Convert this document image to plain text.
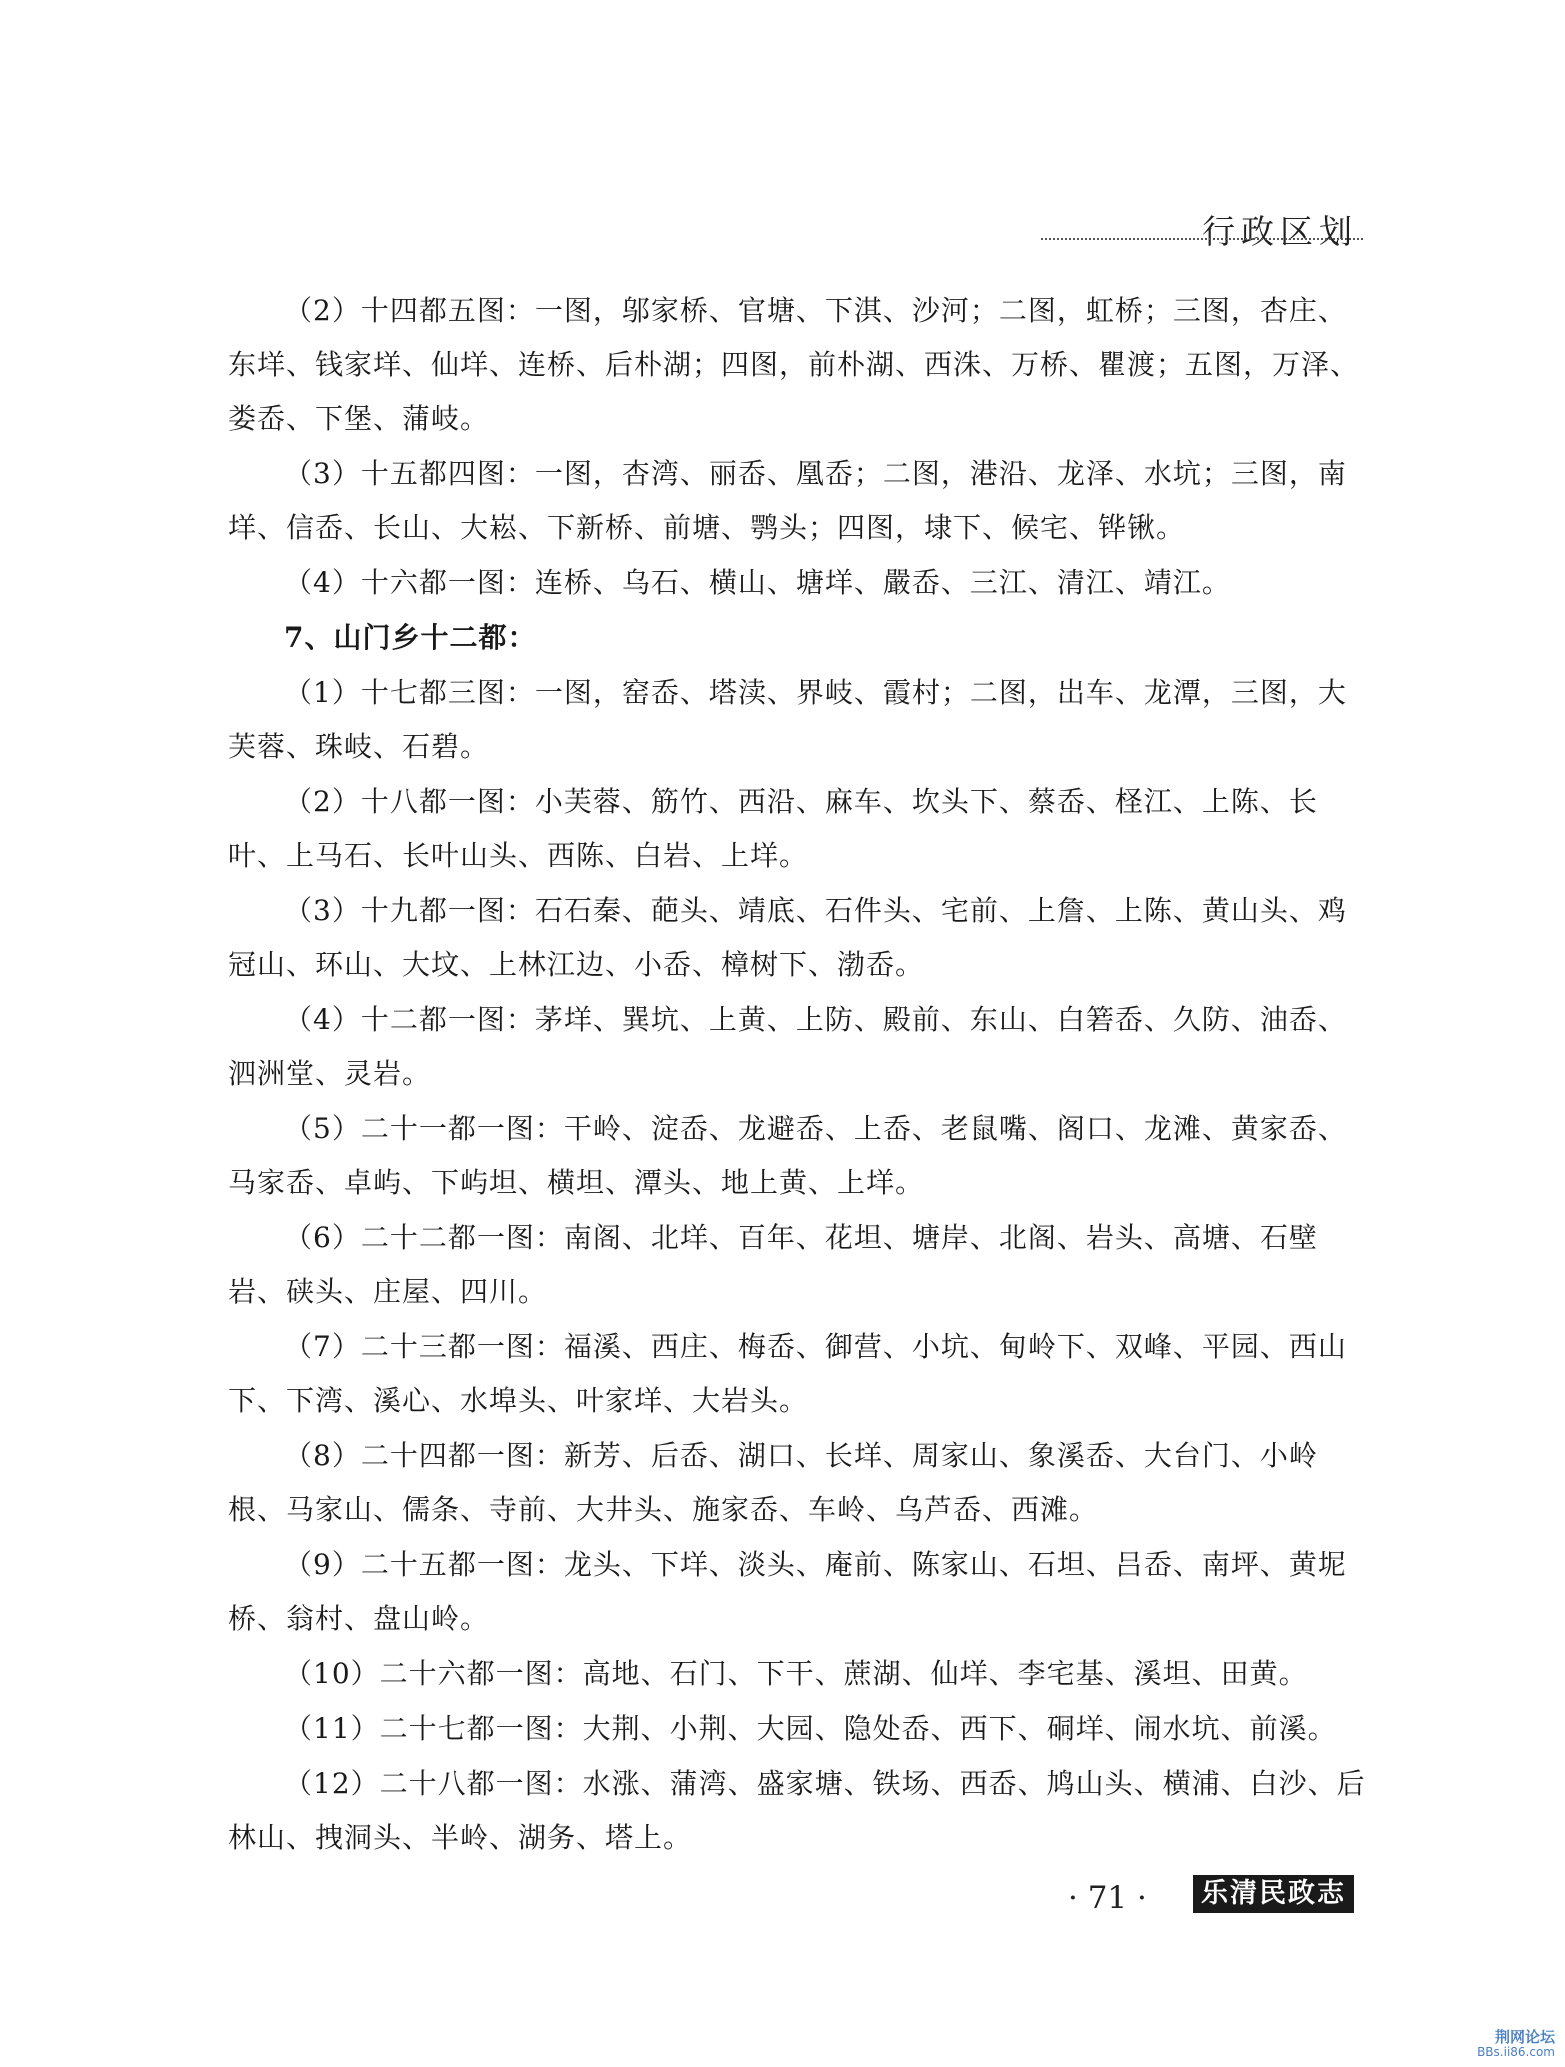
行政区划

（2）十四都五图：一图，邬家桥、官塘、下淇、沙河；二图，虹桥；三图，杏庄、东垟、钱家垟、仙垟、连桥、后朴湖；四图，前朴湖、西洙、万桥、瞿渡；五图，万泽、娄岙、下堡、蒲岐。

（3）十五都四图：一图，杏湾、丽岙、凰岙；二图，港沿、龙泽、水坑；三图，南垟、信岙、长山、大崧、下新桥、前塘、鹗头；四图，埭下、候宅、铧锹。

（4）十六都一图：连桥、乌石、横山、塘垟、嚴岙、三江、清江、靖江。

7、山门乡十二都：

（1）十七都三图：一图，窑岙、塔渎、界岐、霞村；二图，岀车、龙潭，三图，大芙蓉、珠岐、石碧。

（2）十八都一图：小芙蓉、筋竹、西沿、麻车、坎头下、蔡岙、柽江、上陈、长叶、上马石、长叶山头、西陈、白岩、上垟。

（3）十九都一图：石石秦、葩头、靖底、石件头、宅前、上詹、上陈、黄山头、鸡冠山、环山、大坟、上林江边、小岙、樟树下、渤岙。

（4）十二都一图：茅垟、巽坑、上黄、上防、殿前、东山、白箬岙、久防、油岙、泗洲堂、灵岩。

（5）二十一都一图：干岭、淀岙、龙避岙、上岙、老鼠嘴、阁口、龙滩、黄家岙、马家岙、卓屿、下屿坦、横坦、潭头、地上黄、上垟。

（6）二十二都一图：南阁、北垟、百年、花坦、塘岸、北阁、岩头、高塘、石壁岩、硖头、庄屋、四川。

（7）二十三都一图：福溪、西庄、梅岙、御营、小坑、甸岭下、双峰、平园、西山下、下湾、溪心、水埠头、叶家垟、大岩头。

（8）二十四都一图：新芳、后岙、湖口、长垟、周家山、象溪岙、大台门、小岭根、马家山、儒条、寺前、大井头、施家岙、车岭、乌芦岙、西滩。

（9）二十五都一图：龙头、下垟、淡头、庵前、陈家山、石坦、吕岙、南坪、黄坭桥、翁村、盘山岭。

（10）二十六都一图：高地、石门、下干、蔗湖、仙垟、李宅基、溪坦、田黄。

（11）二十七都一图：大荆、小荆、大园、隐处岙、西下、硐垟、闹水坑、前溪。

（12）二十八都一图：水涨、蒲湾、盛家塘、铁场、西岙、鸠山头、横浦、白沙、后林山、拽洞头、半岭、湖务、塔上。

· 71 · 乐清民政志
荆网论坛
BBs.ii86.com
